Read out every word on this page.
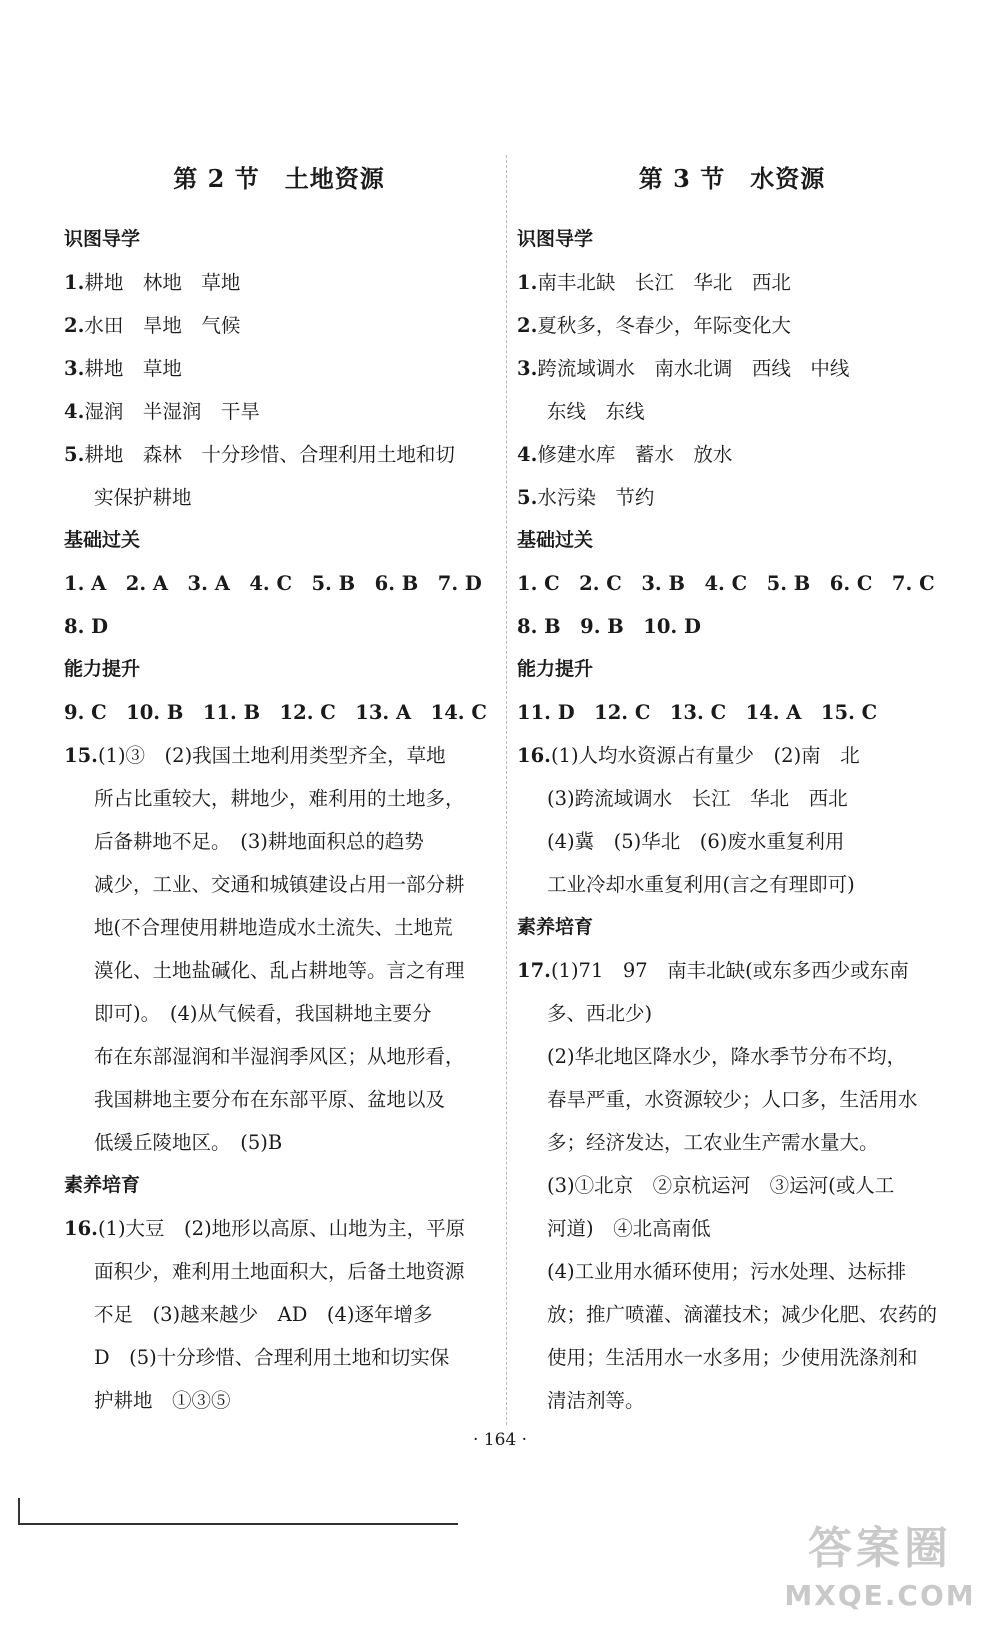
第 2 节　土地资源
识图导学
1.耕地　林地　草地
2.水田　旱地　气候
3.耕地　草地
4.湿润　半湿润　干旱
5.耕地　森林　十分珍惜、合理利用土地和切
实保护耕地
基础过关
1. A　2. A　3. A　4. C　5. B　6. B　7. D
8. D
能力提升
9. C　10. B　11. B　12. C　13. A　14. C
15.(1)③　(2)我国土地利用类型齐全，草地
所占比重较大，耕地少，难利用的土地多，
后备耕地不足。　(3)耕地面积总的趋势
减少，工业、交通和城镇建设占用一部分耕
地(不合理使用耕地造成水土流失、土地荒
漠化、土地盐碱化、乱占耕地等。言之有理
即可)。　(4)从气候看，我国耕地主要分
布在东部湿润和半湿润季风区；从地形看，
我国耕地主要分布在东部平原、盆地以及
低缓丘陵地区。　(5)B
素养培育
16.(1)大豆　(2)地形以高原、山地为主，平原
面积少，难利用土地面积大，后备土地资源
不足　(3)越来越少　AD　(4)逐年增多
D　(5)十分珍惜、合理利用土地和切实保
护耕地　①③⑤
第 3 节　水资源
识图导学
1.南丰北缺　长江　华北　西北
2.夏秋多，冬春少，年际变化大
3.跨流域调水　南水北调　西线　中线
东线　东线
4.修建水库　蓄水　放水
5.水污染　节约
基础过关
1. C　2. C　3. B　4. C　5. B　6. C　7. C
8. B　9. B　10. D
能力提升
11. D　12. C　13. C　14. A　15. C
16.(1)人均水资源占有量少　(2)南　北
(3)跨流域调水　长江　华北　西北
(4)冀　(5)华北　(6)废水重复利用
工业冷却水重复利用(言之有理即可)
素养培育
17.(1)71　97　南丰北缺(或东多西少或东南
多、西北少)
(2)华北地区降水少，降水季节分布不均，
春旱严重，水资源较少；人口多，生活用水
多；经济发达，工农业生产需水量大。
(3)①北京　②京杭运河　③运河(或人工
河道)　④北高南低
(4)工业用水循环使用；污水处理、达标排
放；推广喷灌、滴灌技术；减少化肥、农药的
使用；生活用水一水多用；少使用洗涤剂和
清洁剂等。
· 164 ·
答案圈
MXQE.COM
